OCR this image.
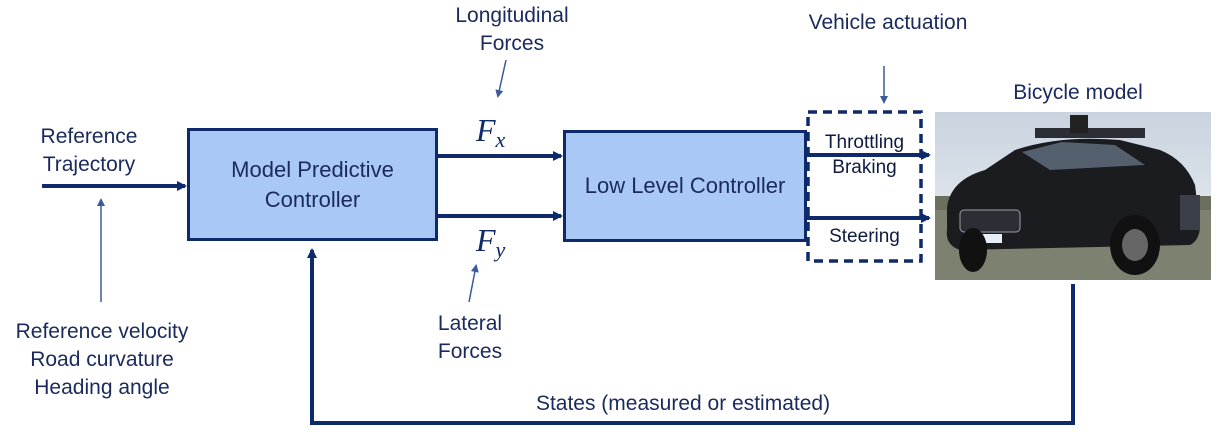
Reference
Trajectory
Reference velocity
Road curvature
Heading angle
Model Predictive
Controller
Low Level Controller
Longitudinal
Forces
Lateral
Forces
$F_x$
$F_y$
Vehicle actuation
Throttling
Braking
Steering
Bicycle model
States (measured or estimated)
